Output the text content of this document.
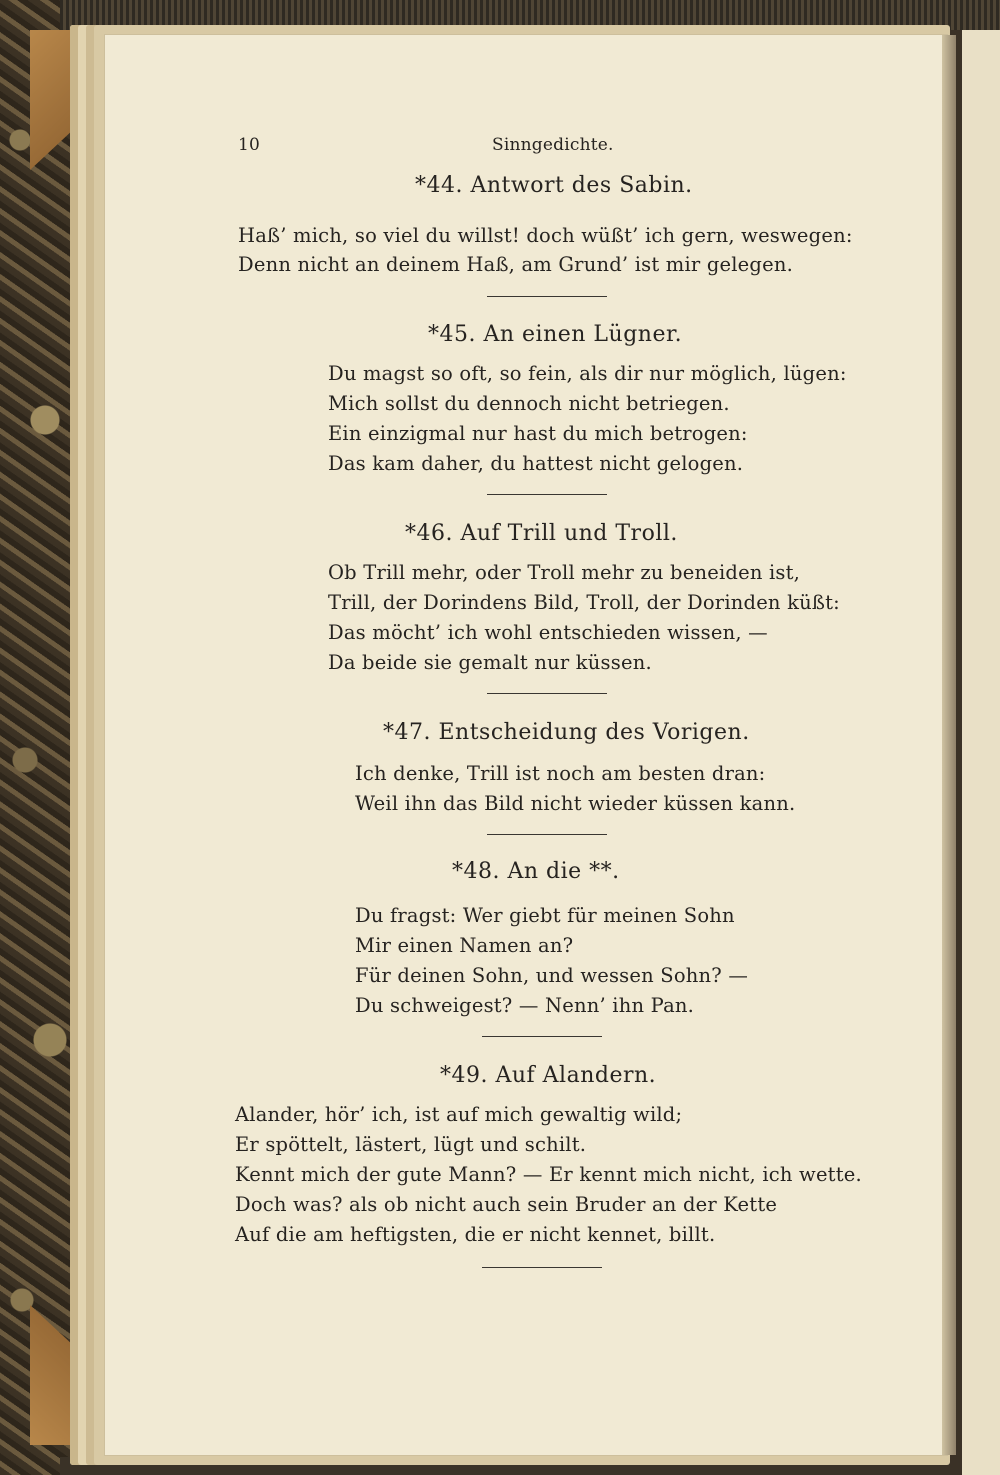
10	Sinngedichte.
*44. Antwort des Sabin.
Haß’ mich, so viel du willst! doch wüßt’ ich gern, weswegen:
Denn nicht an deinem Haß, am Grund’ ist mir gelegen.
*45. An einen Lügner.
Du magst so oft, so fein, als dir nur möglich, lügen:
Mich sollst du dennoch nicht betriegen.
Ein einzigmal nur hast du mich betrogen:
Das kam daher, du hattest nicht gelogen.
*46. Auf Trill und Troll.
Ob Trill mehr, oder Troll mehr zu beneiden ist,
Trill, der Dorindens Bild, Troll, der Dorinden küßt:
Das möcht’ ich wohl entschieden wissen, —
Da beide sie gemalt nur küssen.
*47. Entscheidung des Vorigen.
Ich denke, Trill ist noch am besten dran:
Weil ihn das Bild nicht wieder küssen kann.
*48. An die **.
Du fragst: Wer giebt für meinen Sohn
Mir einen Namen an?
Für deinen Sohn, und wessen Sohn? —
Du schweigest? — Nenn’ ihn Pan.
*49. Auf Alandern.
Alander, hör’ ich, ist auf mich gewaltig wild;
Er spöttelt, lästert, lügt und schilt.
Kennt mich der gute Mann? — Er kennt mich nicht, ich wette.
Doch was? als ob nicht auch sein Bruder an der Kette
Auf die am heftigsten, die er nicht kennet, billt.
